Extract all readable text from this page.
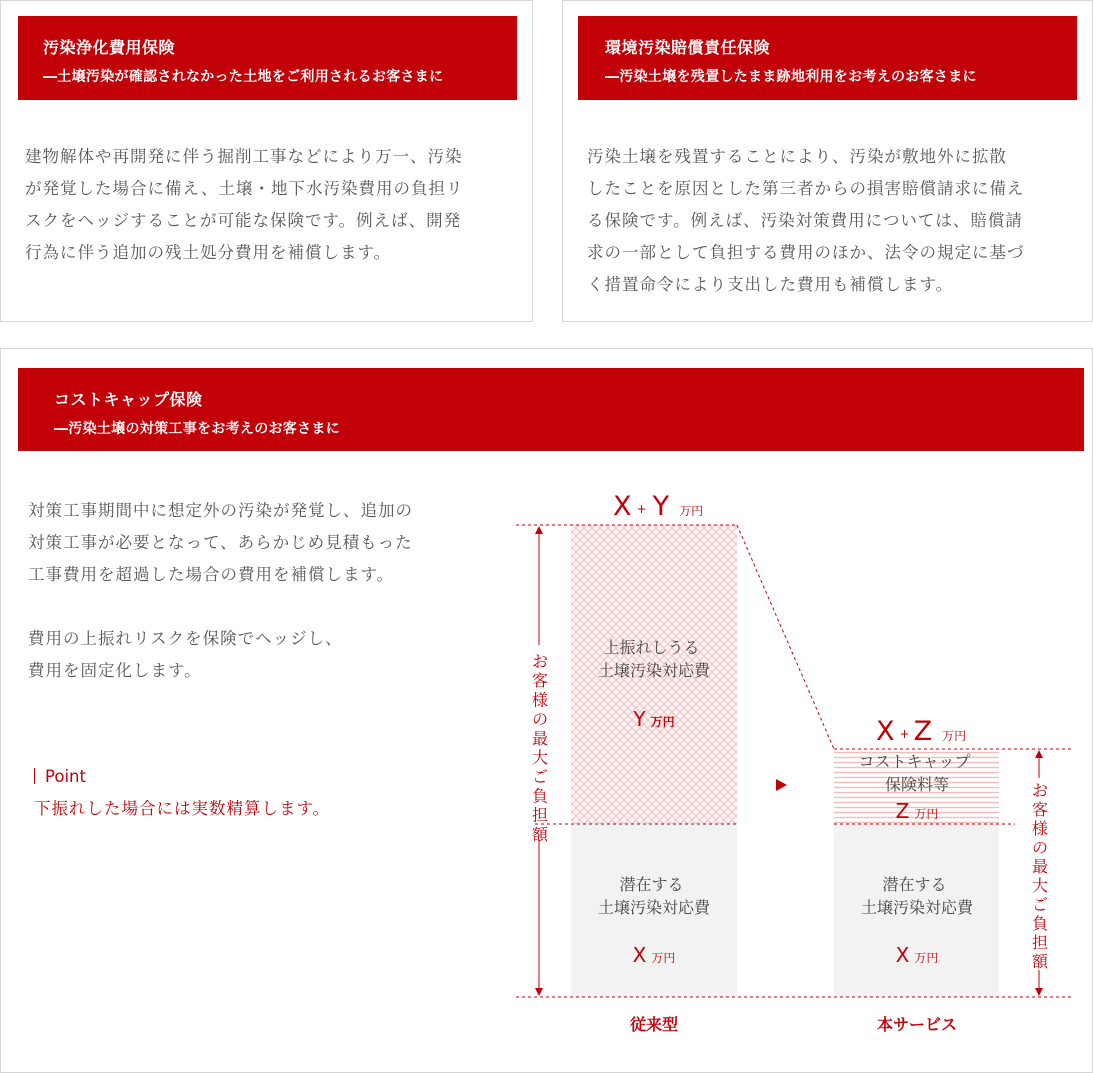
汚染浄化費用保険
―土壌汚染が確認されなかった土地をご利用されるお客さまに

建物解体や再開発に伴う掘削工事などにより万一、汚染

が発覚した場合に備え、土壌・地下水汚染費用の負担リ

スクをヘッジすることが可能な保険です。例えば、開発

行為に伴う追加の残土処分費用を補償します。

環境汚染賠償責任保険
―汚染土壌を残置したまま跡地利用をお考えのお客さまに

汚染土壌を残置することにより、汚染が敷地外に拡散

したことを原因とした第三者からの損害賠償請求に備え

る保険です。例えば、汚染対策費用については、賠償請

求の一部として負担する費用のほか、法令の規定に基づ

く措置命令により支出した費用も補償します。

コストキャップ保険
―汚染土壌の対策工事をお考えのお客さまに

対策工事期間中に想定外の汚染が発覚し、追加の

対策工事が必要となって、あらかじめ見積もった

工事費用を超過した場合の費用を補償します。

費用の上振れリスクを保険でヘッジし、

費用を固定化します。

Point
下振れした場合には実数精算します。
お
客
様
の
最
大
ご
負
担
額
お
客
様
の
最
大
ご
負
担
額
X + Y 万円
X + Z 万円
上振れしうる 土壌汚染対応費
Y万円
潜在する 土壌汚染対応費
X万円
コストキャップ 保険料等
Z万円
潜在する 土壌汚染対応費
X万円
従来型	本サービス
